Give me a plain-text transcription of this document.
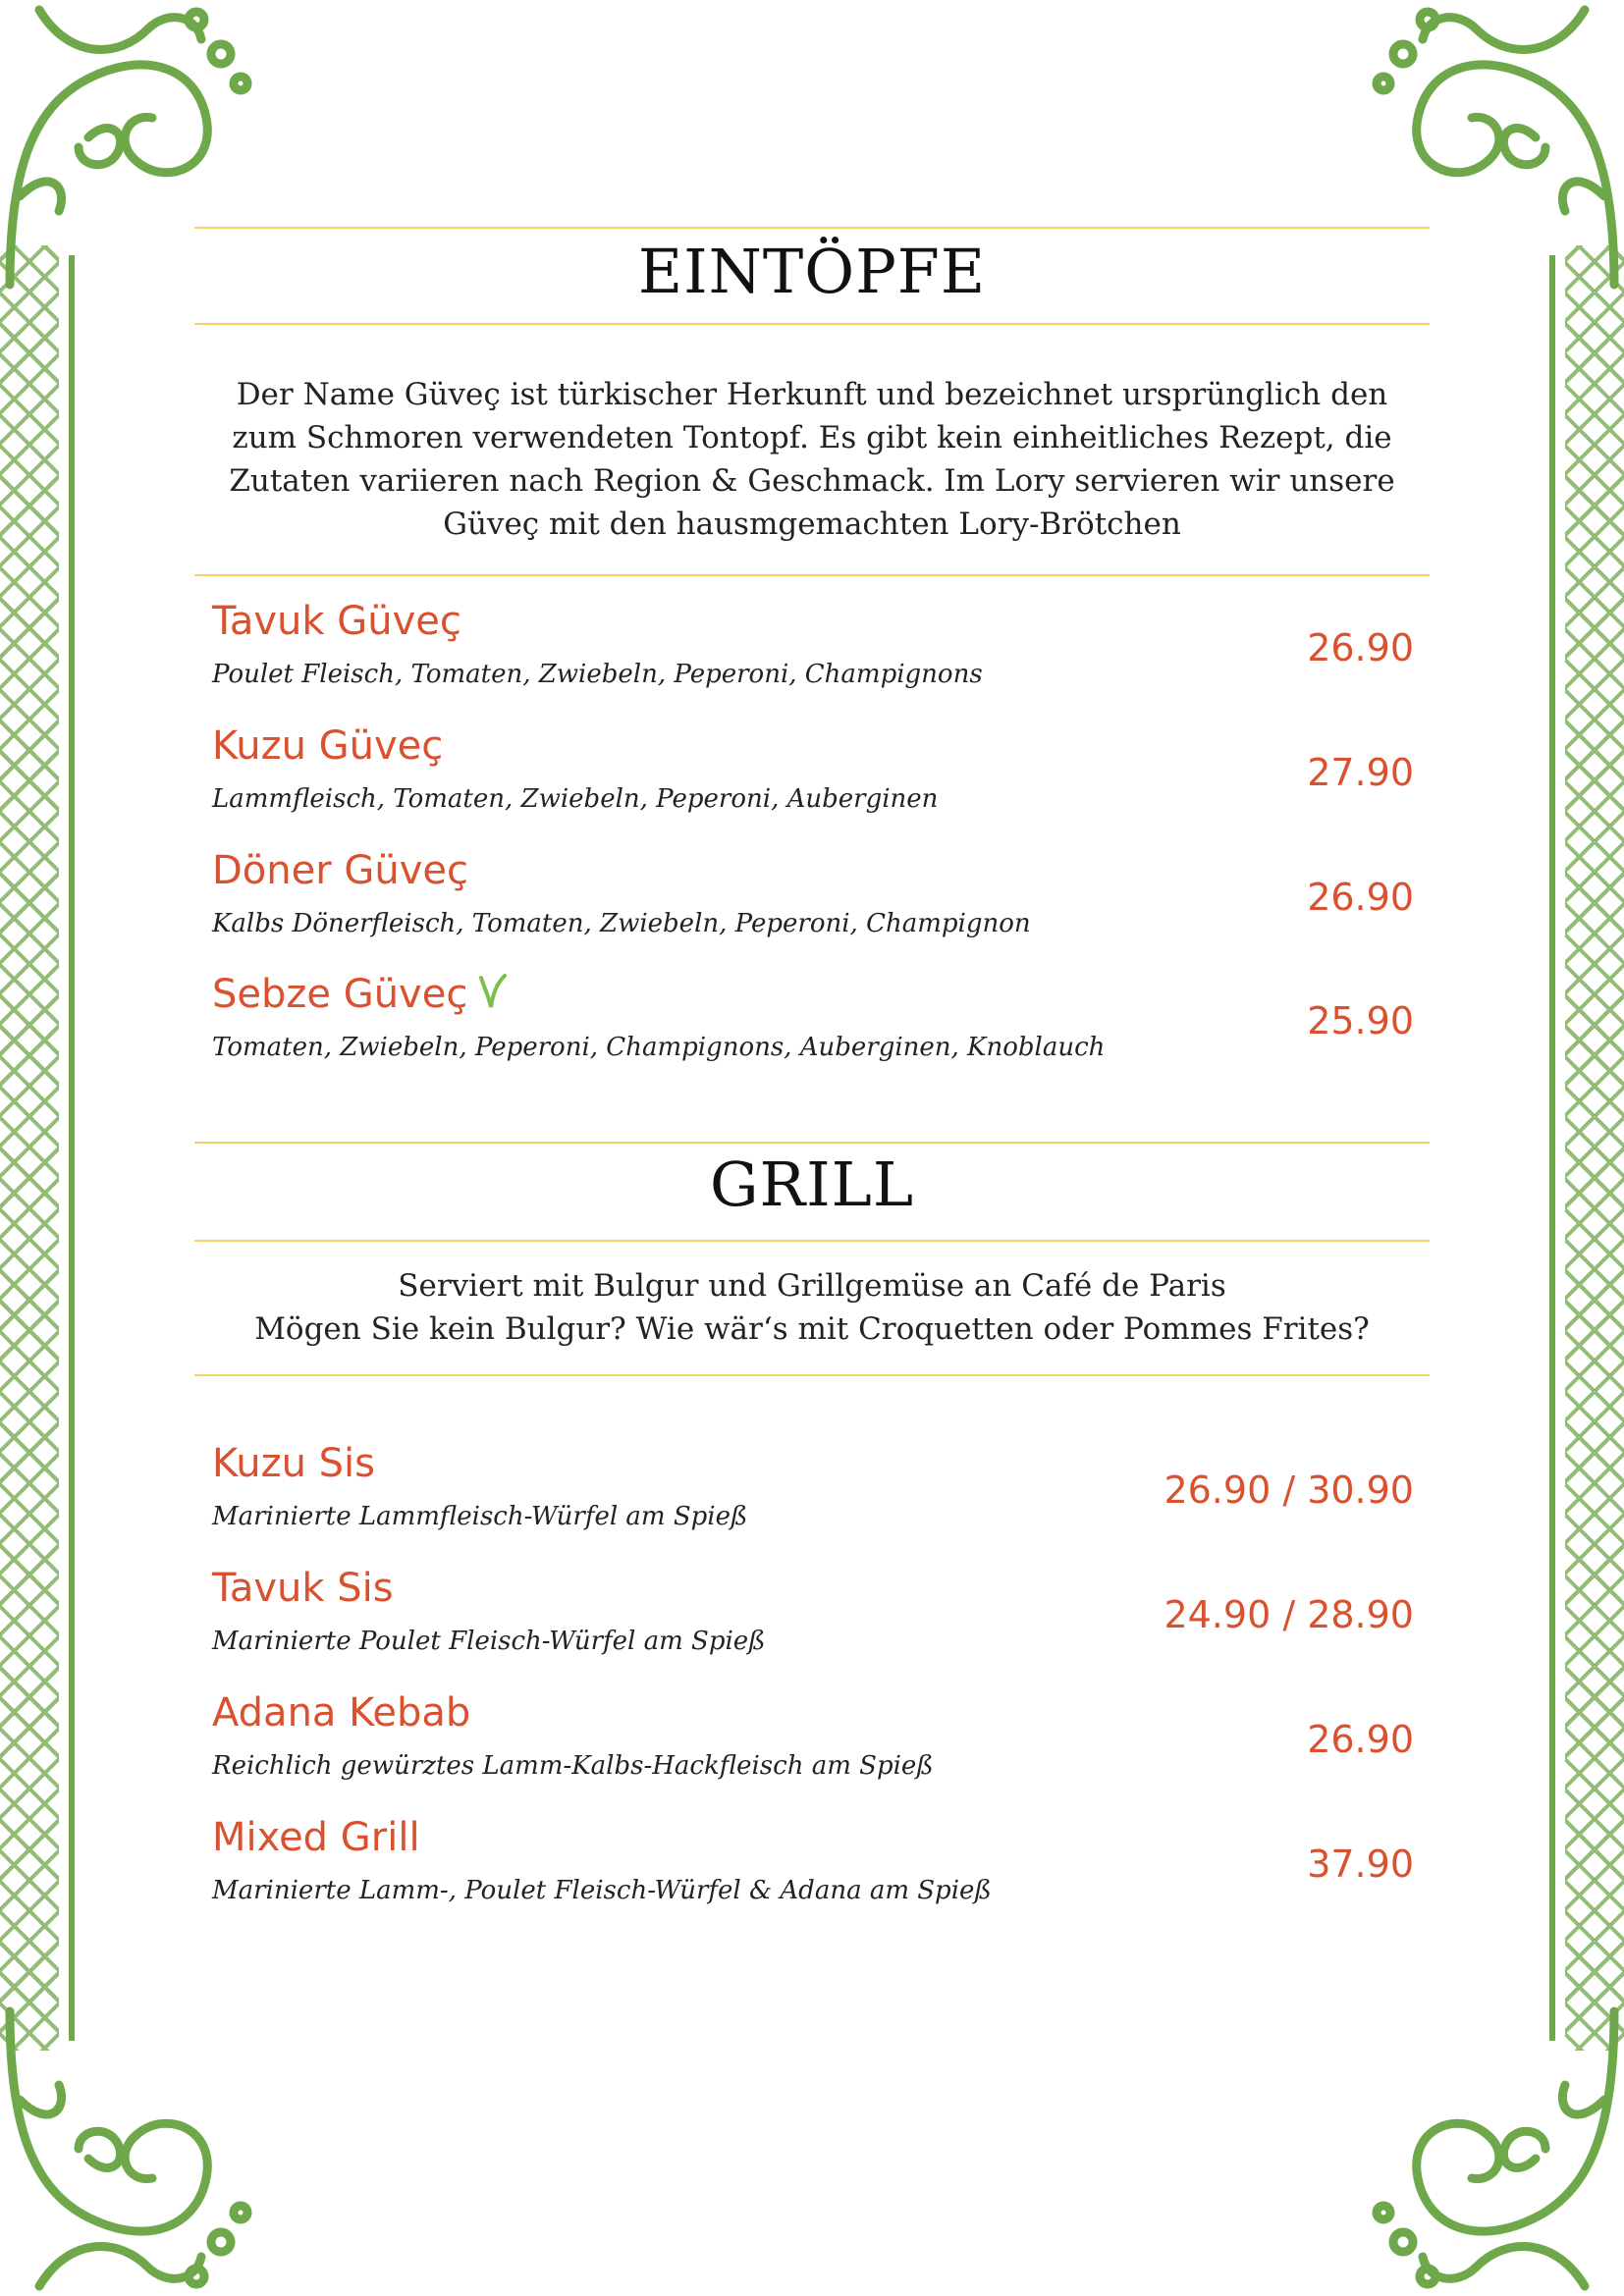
EINTÖPFE
Der Name Güveç ist türkischer Herkunft und bezeichnet ursprünglich den
zum Schmoren verwendeten Tontopf. Es gibt kein einheitliches Rezept, die
Zutaten variieren nach Region & Geschmack. Im Lory servieren wir unsere
Güveç mit den hausmgemachten Lory-Brötchen
Tavuk Güveç
Poulet Fleisch, Tomaten, Zwiebeln, Peperoni, Champignons
26.90
Kuzu Güveç
Lammfleisch, Tomaten, Zwiebeln, Peperoni, Auberginen
27.90
Döner Güveç
Kalbs Dönerfleisch, Tomaten, Zwiebeln, Peperoni, Champignon
26.90
Sebze Güveç
Tomaten, Zwiebeln, Peperoni, Champignons, Auberginen, Knoblauch
25.90
GRILL
Serviert mit Bulgur und Grillgemüse an Café de Paris
Mögen Sie kein Bulgur? Wie wär‘s mit Croquetten oder Pommes Frites?
Kuzu Sis
Marinierte Lammfleisch-Würfel am Spieß
26.90 / 30.90
Tavuk Sis
Marinierte Poulet Fleisch-Würfel am Spieß
24.90 / 28.90
Adana Kebab
Reichlich gewürztes Lamm-Kalbs-Hackfleisch am Spieß
26.90
Mixed Grill
Marinierte Lamm-, Poulet Fleisch-Würfel & Adana am Spieß
37.90
